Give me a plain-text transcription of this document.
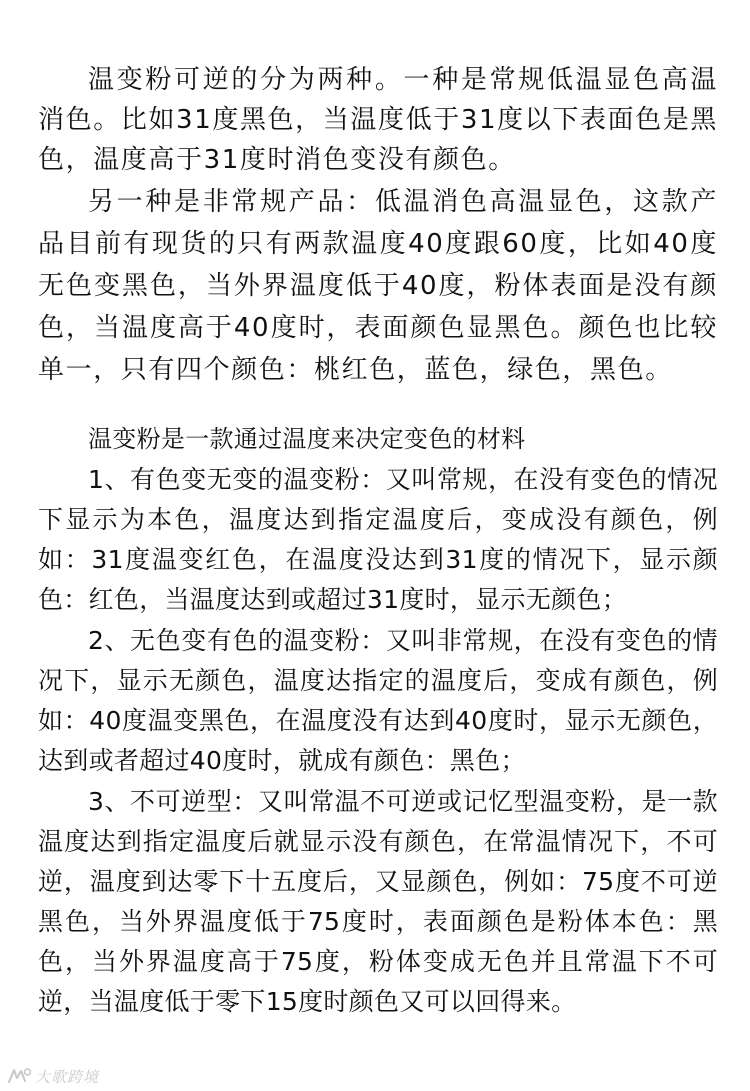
温变粉可逆的分为两种。一种是常规低温显色高温消色。比如31度黑色，当温度低于31度以下表面色是黑色，温度高于31度时消色变没有颜色。

另一种是非常规产品：低温消色高温显色，这款产品目前有现货的只有两款温度40度跟60度，比如40度无色变黑色，当外界温度低于40度，粉体表面是没有颜色，当温度高于40度时，表面颜色显黑色。颜色也比较单一，只有四个颜色：桃红色，蓝色，绿色，黑色。

温变粉是一款通过温度来决定变色的材料

1、有色变无变的温变粉：又叫常规，在没有变色的情况下显示为本色，温度达到指定温度后，变成没有颜色，例如：31度温变红色，在温度没达到31度的情况下，显示颜色：红色，当温度达到或超过31度时，显示无颜色；

2、无色变有色的温变粉：又叫非常规，在没有变色的情况下，显示无颜色，温度达指定的温度后，变成有颜色，例如：40度温变黑色，在温度没有达到40度时，显示无颜色，达到或者超过40度时，就成有颜色：黑色；

3、不可逆型：又叫常温不可逆或记忆型温变粉，是一款温度达到指定温度后就显示没有颜色，在常温情况下，不可逆，温度到达零下十五度后，又显颜色，例如：75度不可逆黑色，当外界温度低于75度时，表面颜色是粉体本色：黑色，当外界温度高于75度，粉体变成无色并且常温下不可逆，当温度低于零下15度时颜色又可以回得来。

大歌跨境
